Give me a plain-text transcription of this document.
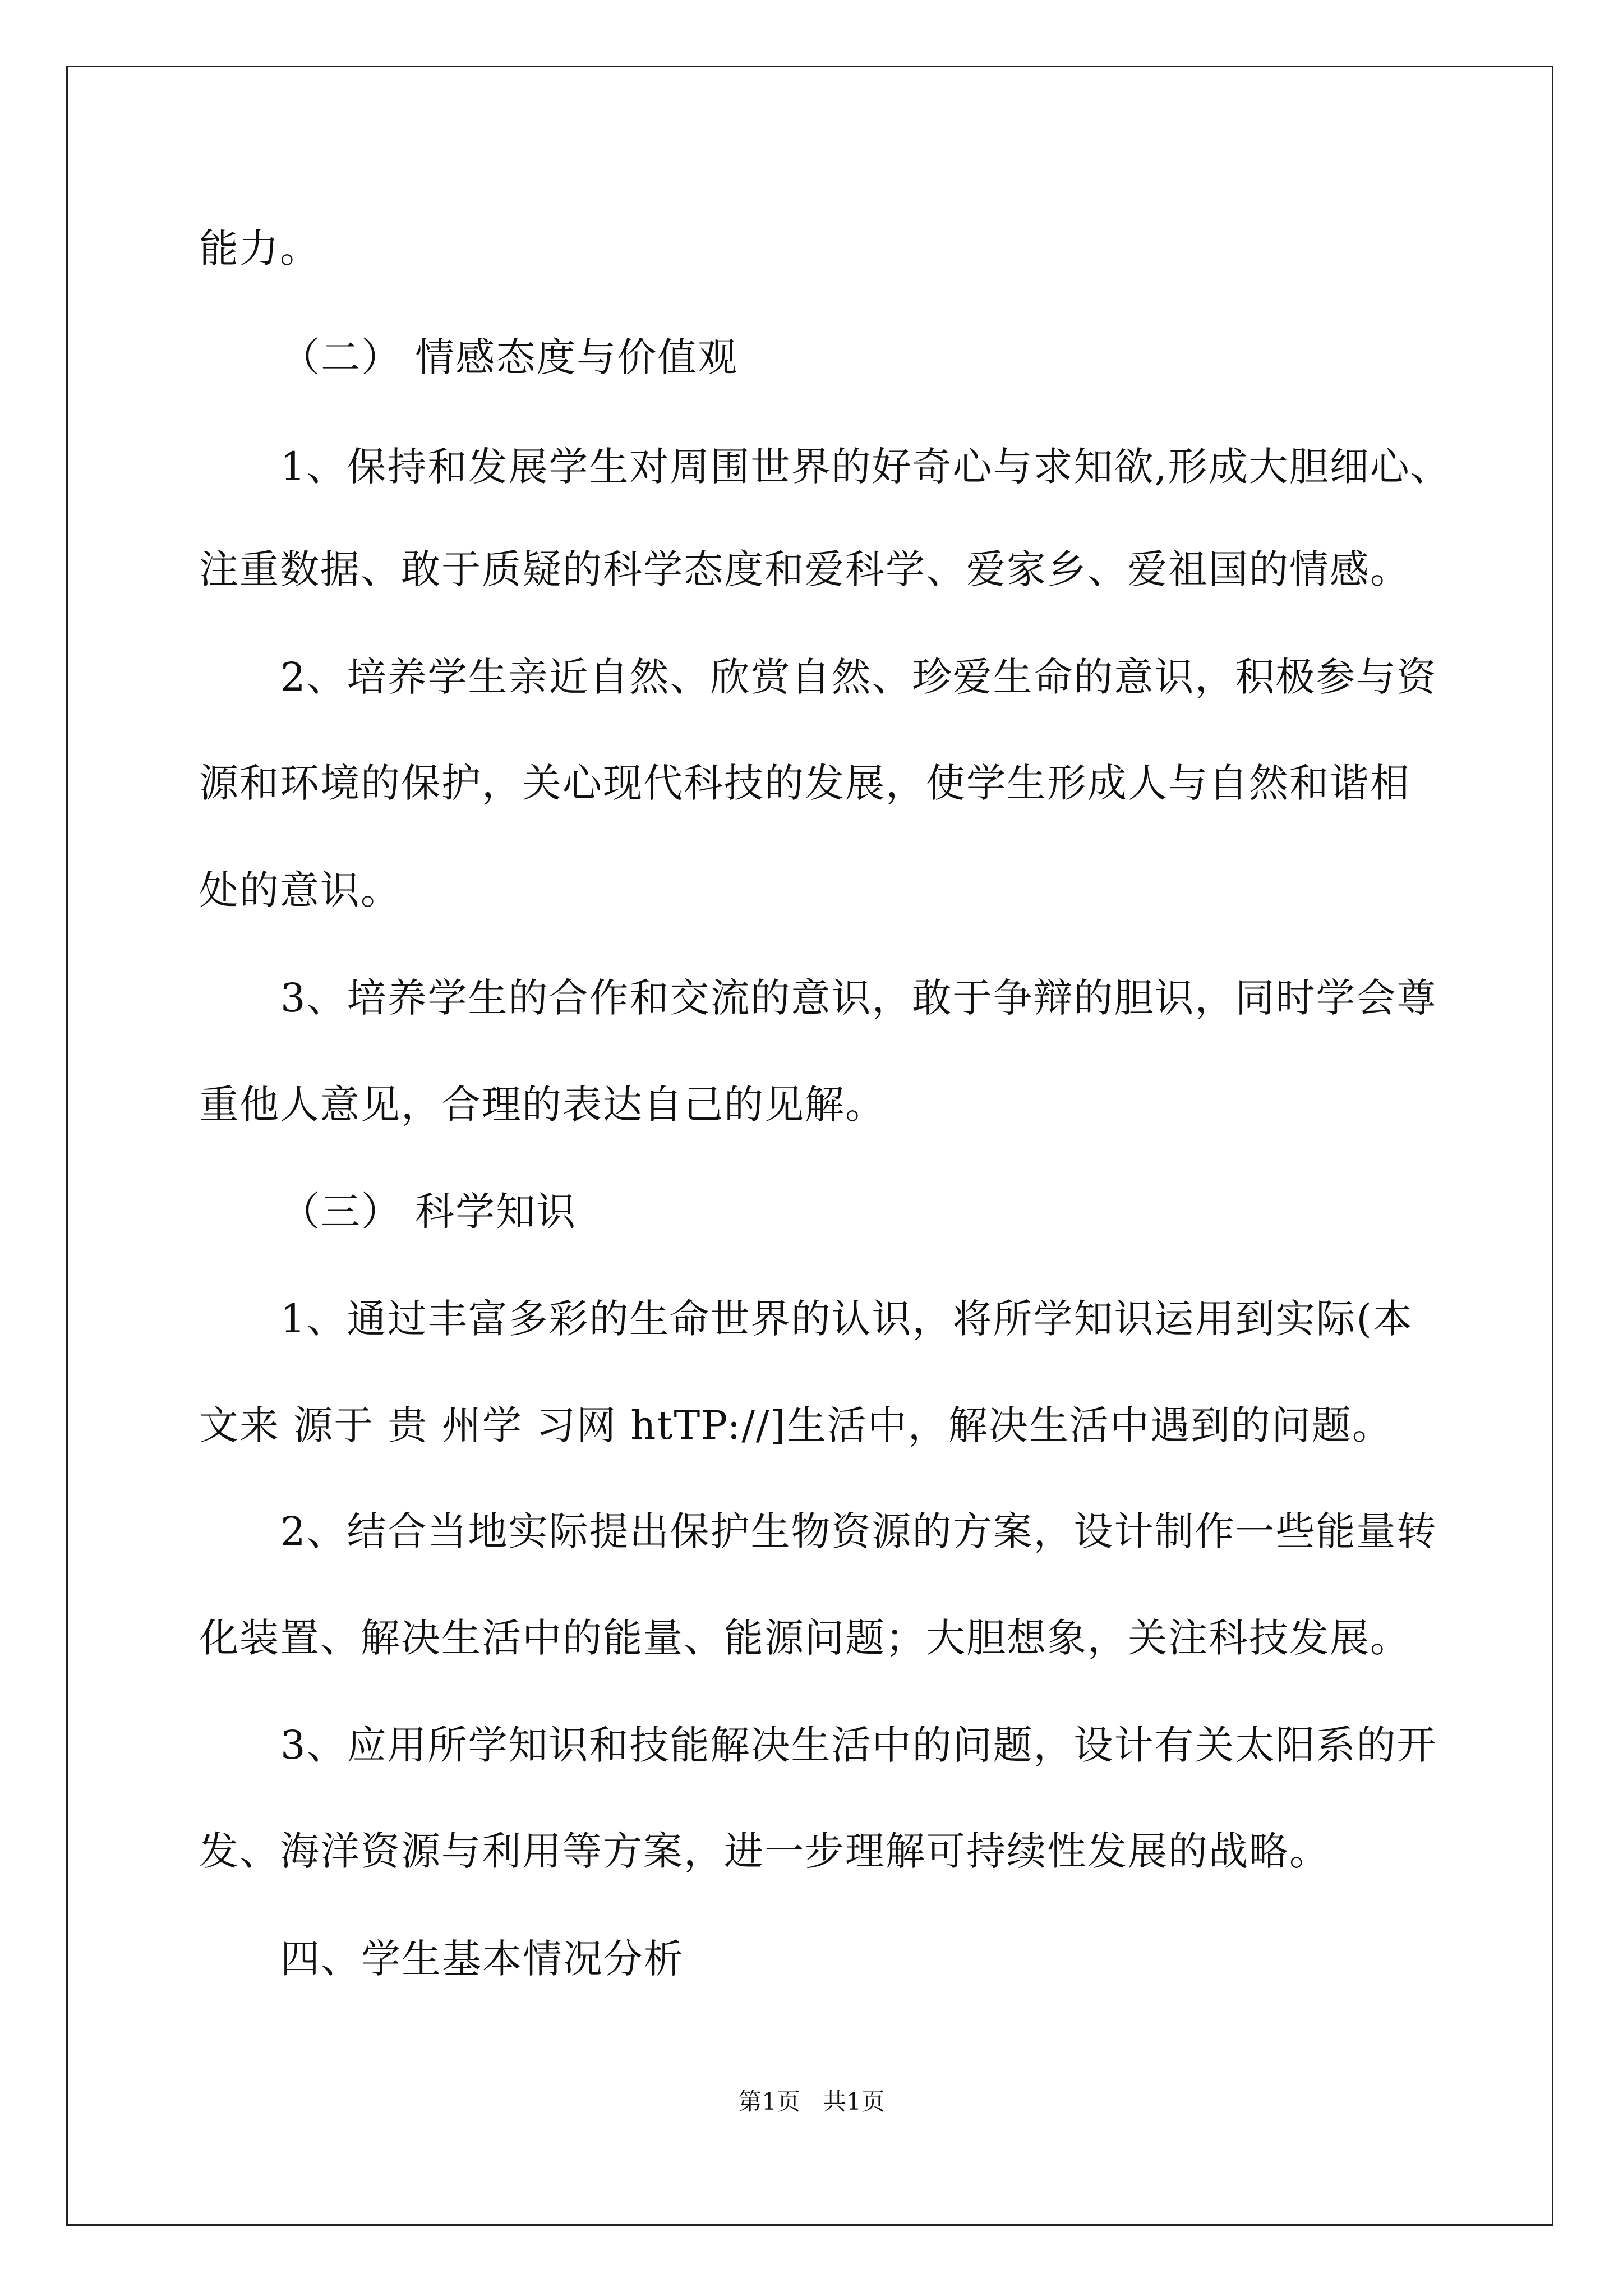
能力。
（二） 情感态度与价值观
1、保持和发展学生对周围世界的好奇心与求知欲,形成大胆细心、
注重数据、敢于质疑的科学态度和爱科学、爱家乡、爱祖国的情感。
2、培养学生亲近自然、欣赏自然、珍爱生命的意识，积极参与资
源和环境的保护，关心现代科技的发展，使学生形成人与自然和谐相
处的意识。
3、培养学生的合作和交流的意识，敢于争辩的胆识，同时学会尊
重他人意见，合理的表达自己的见解。
（三） 科学知识
1、通过丰富多彩的生命世界的认识，将所学知识运用到实际(本
文来 源于 贵 州学 习网 htTP://]生活中，解决生活中遇到的问题。
2、结合当地实际提出保护生物资源的方案，设计制作一些能量转
化装置、解决生活中的能量、能源问题；大胆想象，关注科技发展。
3、应用所学知识和技能解决生活中的问题，设计有关太阳系的开
发、海洋资源与利用等方案，进一步理解可持续性发展的战略。
四、学生基本情况分析
第1页   共1页
